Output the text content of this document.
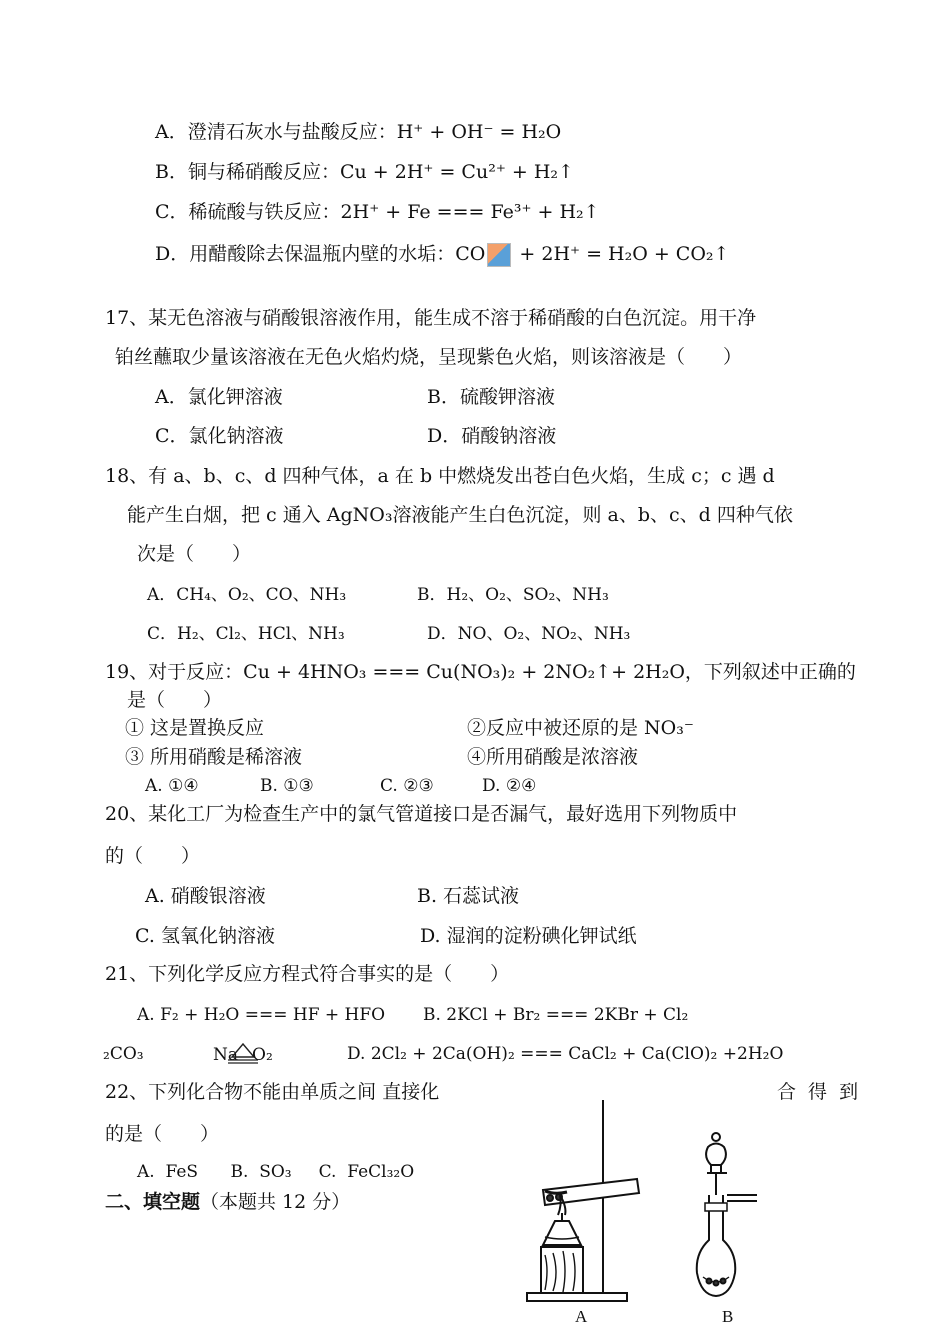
A．澄清石灰水与盐酸反应：H⁺ + OH⁻ = H₂O
B．铜与稀硝酸反应：Cu + 2H⁺ = Cu²⁺ + H₂↑
C．稀硫酸与铁反应：2H⁺ + Fe === Fe³⁺ + H₂↑
D．用醋酸除去保温瓶内壁的水垢：CO + 2H⁺ = H₂O + CO₂↑
17、某无色溶液与硝酸银溶液作用，能生成不溶于稀硝酸的白色沉淀。用干净
铂丝蘸取少量该溶液在无色火焰灼烧，呈现紫色火焰，则该溶液是（　　）
A．氯化钾溶液	B．硫酸钾溶液
C．氯化钠溶液	D．硝酸钠溶液
18、有 a、b、c、d 四种气体，a 在 b 中燃烧发出苍白色火焰，生成 c；c 遇 d
能产生白烟，把 c 通入 AgNO₃溶液能产生白色沉淀，则 a、b、c、d 四种气依
次是（　　）
A．CH₄、O₂、CO、NH₃	B．H₂、O₂、SO₂、NH₃
C．H₂、Cl₂、HCl、NH₃	D．NO、O₂、NO₂、NH₃
19、对于反应：Cu + 4HNO₃ === Cu(NO₃)₂ + 2NO₂↑+ 2H₂O，下列叙述中正确的
是（　　）
① 这是置换反应	②反应中被还原的是 NO₃⁻
③ 所用硝酸是稀溶液	④所用硝酸是浓溶液
A. ①④	B. ①③	C. ②③	D. ②④
20、某化工厂为检查生产中的氯气管道接口是否漏气，最好选用下列物质中
的（　　）
A. 硝酸银溶液	B. 石蕊试液
C. 氢氧化钠溶液	D. 湿润的淀粉碘化钾试纸
21、下列化学反应方程式符合事实的是（　　）
A. F₂ + H₂O === HF + HFO B. 2KCl + Br₂ === 2KBr + Cl₂
₂CO₃	Na O₂	D. 2Cl₂ + 2Ca(OH)₂ === CaCl₂ + Ca(ClO)₂ +2H₂O
22、下列化合物不能由单质之间 直接化	合 得 到
的是（　　）
A.  FeS      B.  SO₃     C.  FeCl₃₂O
二、填空题（本题共 12 分）
A	B
